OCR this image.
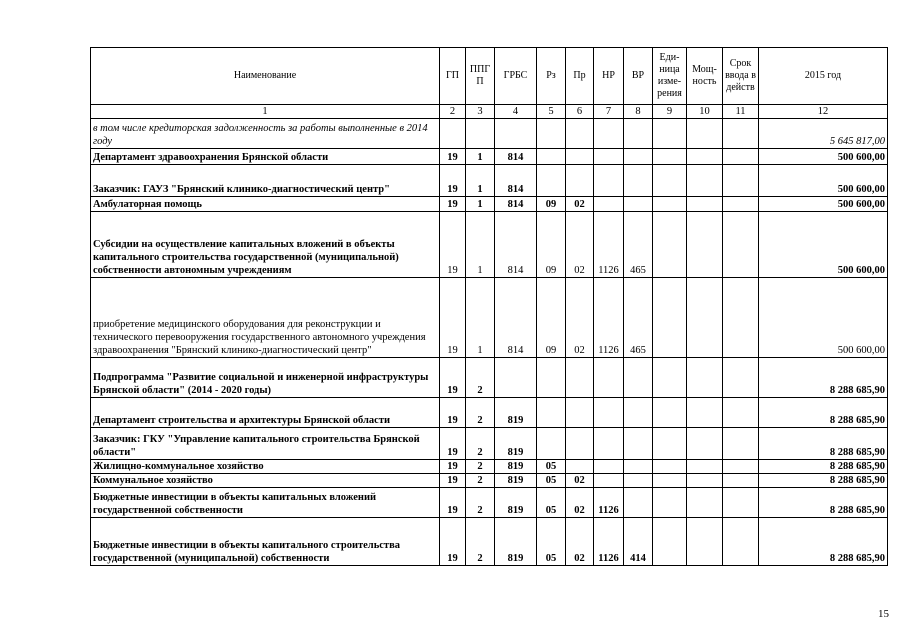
Наименование	ГП	ППГ П	ГРБС	Рз	Пр	НР	ВР	Еди- ница изме- рения	Мощ- ность	Срок ввода в действ	2015 год
1	2	3	4	5	6	7	8	9	10	11	12
в том числе кредиторская задолженность за работы выполненные в 2014 году											5 645 817,00
Департамент здравоохранения Брянской области	19	1	814								500 600,00
Заказчик: ГАУЗ "Брянский клинико-диагностический центр"	19	1	814								500 600,00
Амбулаторная помощь	19	1	814	09	02						500 600,00
Субсидии на осуществление капитальных вложений в объекты капитального строительства государственной (муниципальной) собственности автономным учреждениям	19	1	814	09	02	1126	465				500 600,00
приобретение медицинского оборудования для реконструкции и технического перевооружения государственного автономного учреждения здравоохранения "Брянский клинико-диагностический центр"	19	1	814	09	02	1126	465				500 600,00
Подпрограмма "Развитие социальной и инженерной инфраструктуры Брянской области" (2014 - 2020 годы)	19	2									8 288 685,90
Департамент строительства и архитектуры Брянской области	19	2	819								8 288 685,90
Заказчик: ГКУ "Управление капитального строительства Брянской области"	19	2	819								8 288 685,90
Жилищно-коммунальное хозяйство	19	2	819	05							8 288 685,90
Коммунальное хозяйство	19	2	819	05	02						8 288 685,90
Бюджетные инвестиции в объекты капитальных вложений государственной собственности	19	2	819	05	02	1126					8 288 685,90
Бюджетные инвестиции в объекты капитального строительства государственной (муниципальной) собственности	19	2	819	05	02	1126	414				8 288 685,90
15
